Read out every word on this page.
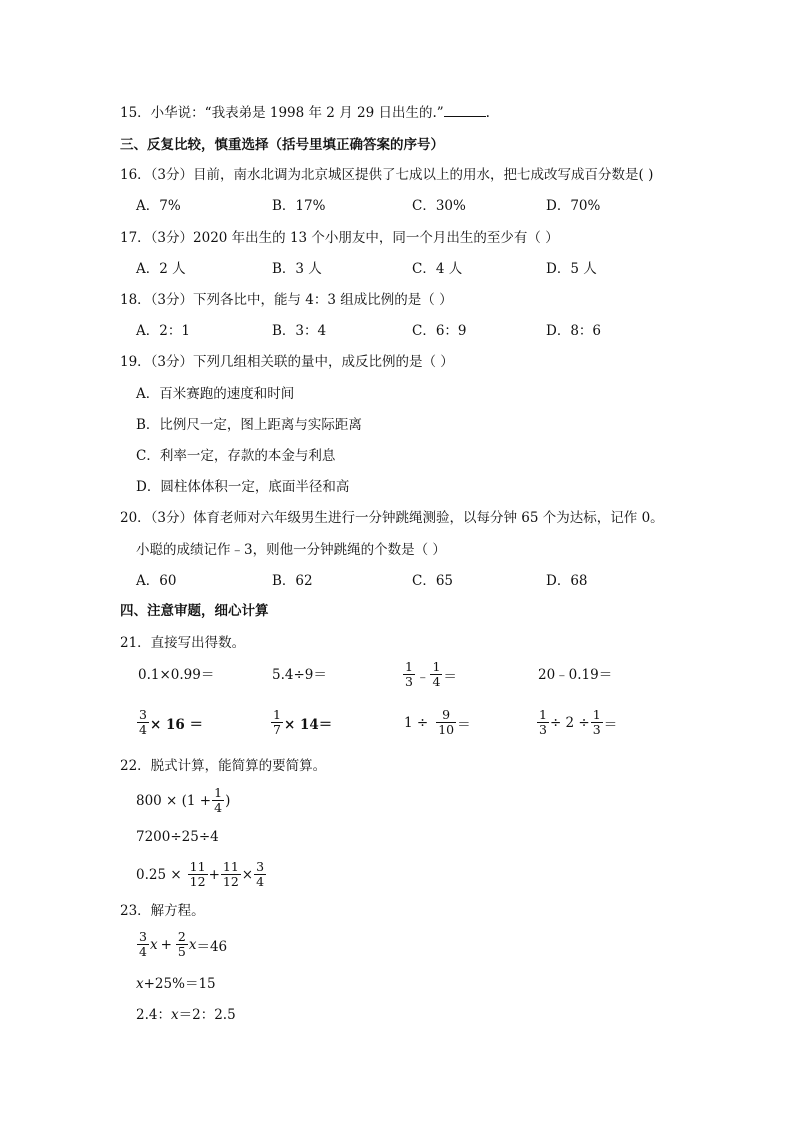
15．小华说：“我表弟是 1998 年 2 月 29 日出生的.”	.
三、反复比较，慎重选择（括号里填正确答案的序号）
16．（3分）目前，南水北调为北京城区提供了七成以上的用水，把七成改写成百分数是( )
A．7%	B．17%	C．30%	D．70%
17．（3分）2020 年出生的 13 个小朋友中，同一个月出生的至少有（ ）
A．2 人	B．3 人	C．4 人	D．5 人
18．（3分）下列各比中，能与 4：3 组成比例的是（ ）
A．2：1	B．3：4	C．6：9	D．8：6
19．（3分）下列几组相关联的量中，成反比例的是（ ）
A．百米赛跑的速度和时间
B．比例尺一定，图上距离与实际距离
C．利率一定，存款的本金与利息
D．圆柱体体积一定，底面半径和高
20．（3分）体育老师对六年级男生进行一分钟跳绳测验，以每分钟 65 个为达标，记作 0。
小聪的成绩记作﹣3，则他一分钟跳绳的个数是（ ）
A．60	B．62	C．65	D．68
四、注意审题，细心计算
21．直接写出得数。
0.1×0.99＝	5.4÷9＝	$\frac{1}{3}$ ﹣ $\frac{1}{4}$ ＝	20﹣0.19＝
$\frac{3}{4} \times 16$ ＝	$\frac{1}{7} \times 14=$	$1 \div \frac{9}{10}$ ＝	$\frac{1}{3} \div 2 \div \frac{1}{3}$ ＝
22．脱式计算，能简算的要简算。
$800 \times (1 + \frac{1}{4}$ )
7200÷25÷4
$0.25 \times \frac{11}{12} + \frac{11}{12} \times \frac{3}{4}$
23．解方程。
$\frac{3}{4}$ $x + \frac{2}{5}$ x ＝46
x+25%＝15
2.4：x＝2：2.5
